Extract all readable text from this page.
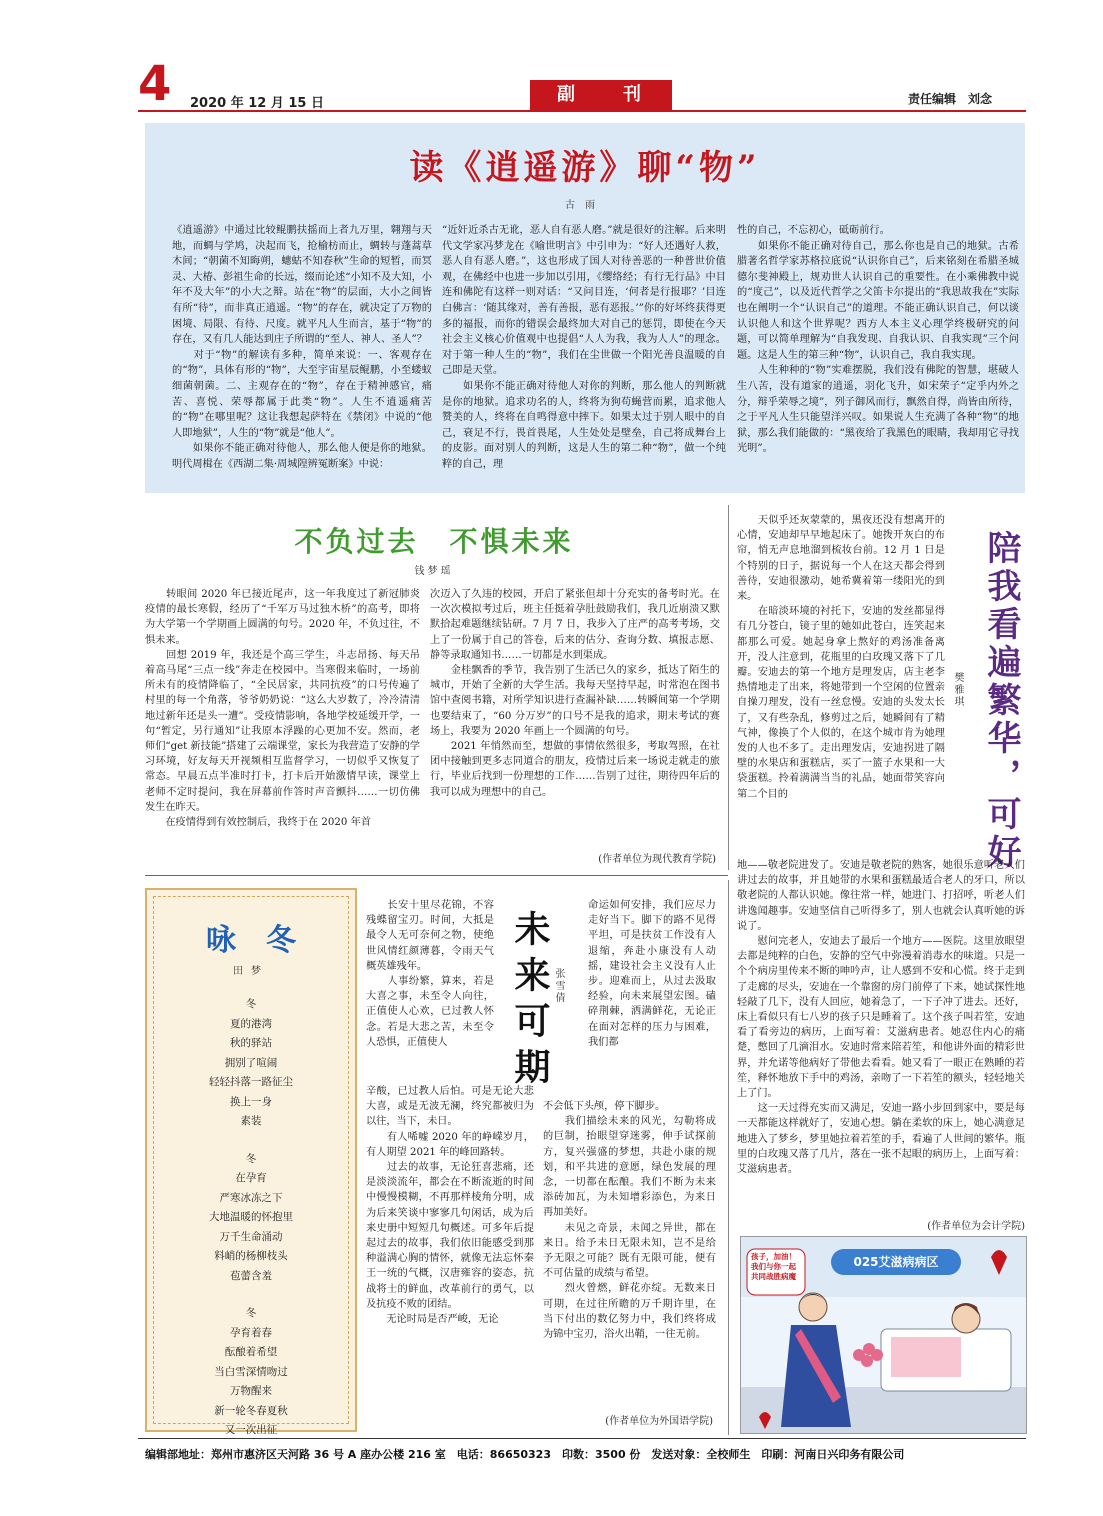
4 2020 年 12 月 15 日	副　　刊	责任编辑　刘念
读《逍遥游》聊“物”
古雨
《逍遥游》中通过比较鲲鹏扶摇而上者九万里，翱翔与天地，而蜩与学鸠，决起而飞，抢榆枋而止，蜩转与蓬蒿草木间；“朝菌不知晦朔，蟪蛄不知春秋”生命的短暂，而冥灵、大椿、彭祖生命的长远，缀而论述“小知不及大知，小年不及大年”的小大之辩。站在“物”的层面，大小之间皆有所“待”，而非真正逍遥。“物”的存在，就决定了万物的困境、局限、有待、尺度。就平凡人生而言，基于“物”的存在，又有几人能达到庄子所谓的“至人、神人、圣人”？
　　对于“物”的解读有多种，简单来说：一、客观存在的“物”，具体有形的“物”，大至宇宙星辰鲲鹏，小至蝼蚁细菌朝菌。二、主观存在的“物”，存在于精神感官，痛苦、喜悦、荣辱都属于此类“物”。人生不逍遥痛苦的“物”在哪里呢？这让我想起萨特在《禁闭》中说的“他人即地狱”，人生的“物”就是“他人”。
　　如果你不能正确对待他人，那么他人便是你的地狱。明代周楫在《西湖二集·周城隍辨冤断案》中说：
“近奸近杀古无讹，恶人自有恶人磨。”就是很好的注解。后来明代文学家冯梦龙在《喻世明言》中引申为：“好人还遇好人救，恶人自有恶人磨。”，这也形成了国人对待善恶的一种普世价值观，在佛经中也进一步加以引用，《缨络经；有行无行品》中目连和佛陀有这样一则对话：“又问目连，‘何者是行报耶？’目连白佛言：‘随其缘对，善有善报，恶有恶报。’”你的好坏终获得更多的福报，而你的错误会最终加大对自己的惩罚，即使在今天社会主义核心价值观中也提倡“人人为我，我为人人”的理念。对于第一种人生的“物”，我们在尘世做一个阳光善良温暖的自己即是天堂。
　　如果你不能正确对待他人对你的判断，那么他人的判断就是你的地狱。追求功名的人，终将为狗苟蝇营而累，追求他人赞美的人，终将在自鸣得意中摔下。如果太过于别人眼中的自己，衰足不行，畏首畏尾，人生处处是壁垒，自己将成舞台上的皮影。面对别人的判断，这是人生的第二种“物”，做一个纯粹的自己，理
性的自己，不忘初心，砥砺前行。
　　如果你不能正确对待自己，那么你也是自己的地狱。古希腊著名哲学家苏格拉底说“认识你自己”，后来铭刻在希腊圣城德尔斐神殿上，规劝世人认识自己的重要性。在小乘佛教中说的“度己”，以及近代哲学之父笛卡尔提出的“我思故我在”实际也在阐明一个“认识自己”的道理。不能正确认识自己，何以谈认识他人和这个世界呢？西方人本主义心理学终极研究的问题，可以简单理解为“自我发现、自我认识、自我实现”三个问题。这是人生的第三种“物”，认识自己，我自我实现。
　　人生种种的“物”实难摆脱，我们没有佛陀的智慧，堪破人生八苦，没有道家的逍遥，羽化飞升，如宋荣子“定乎内外之分，辩乎荣辱之境”，列子御风而行，飘然自得，尚皆由所待，之于平凡人生只能望洋兴叹。如果说人生充满了各种“物”的地狱，那么我们能做的：“黑夜给了我黑色的眼睛，我却用它寻找光明”。
不负过去　不惧未来
钱梦瑶
　　转眼间 2020 年已接近尾声，这一年我度过了新冠肺炎疫情的最长寒假，经历了“千军万马过独木桥”的高考，即将为大学第一个学期画上圆满的句号。2020 年，不负过往，不惧未来。
　　回想 2019 年，我还是个高三学生，斗志昂扬、每天吊着高马尾“三点一线”奔走在校园中。当寒假来临时，一场前所未有的疫情降临了，“全民居家，共同抗疫”的口号传遍了村里的每一个角落，爷爷奶奶说：“这么大岁数了，冷冷清清地过新年还是头一遭”。受疫情影响，各地学校延缓开学，一句“暂定，另行通知”让我原本浮躁的心更加不安。然而，老师们“get 新技能”搭建了云端课堂，家长为我营造了安静的学习环境，好友每天开视频相互监督学习，一切似乎又恢复了常态。早晨五点半准时打卡，打卡后开始激情早读，课堂上老师不定时提问，我在屏幕前作答时声音颤抖……一切仿佛发生在昨天。
　　在疫情得到有效控制后，我终于在 2020 年首
次迈入了久违的校园，开启了紧张但却十分充实的备考时光。在一次次模拟考过后，班主任挺着孕肚鼓励我们，我几近崩溃又默默拾起难题继续钻研。7 月 7 日，我步入了庄严的高考考场，交上了一份属于自己的答卷，后来的估分、查询分数、填报志愿、静等录取通知书……一切都是水到渠成。
　　金桂飘香的季节，我告别了生活已久的家乡，抵达了陌生的城市，开始了全新的大学生活。我每天坚持早起，时常泡在图书馆中查阅书籍，对所学知识进行查漏补缺……转瞬间第一个学期也要结束了，“60 分万岁”的口号不是我的追求，期末考试的赛场上，我要为 2020 年画上一个圆满的句号。
　　2021 年悄然而至，想做的事情依然很多，考取驾照，在社团中接触到更多志同道合的朋友，疫情过后来一场说走就走的旅行，毕业后找到一份理想的工作……告别了过往，期待四年后的我可以成为理想中的自己。
(作者单位为现代教育学院)
　　天似乎还灰蒙蒙的，黑夜还没有想离开的心情，安迪却早早地起床了。她拨开灰白的布帘，悄无声息地溜到梳妆台前。12 月 1 日是个特别的日子，据说每一个人在这天都会得到善待，安迪很激动，她希冀着第一缕阳光的到来。
　　在暗淡环境的衬托下，安迪的发丝都显得有几分苍白，镜子里的她如此苍白，连笑起来都那么可爱。她起身拿上熬好的鸡汤准备离开，没人注意到，花瓶里的白玫瑰又落下了几瓣。安迪去的第一个地方是理发店，店主老李热情地走了出来，将她带到一个空闲的位置亲自操刀理发，没有一丝怠慢。安迪的头发太长了，又有些杂乱，修剪过之后，她瞬间有了精气神，像换了个人似的，在这个城市肯为她理发的人也不多了。走出理发店，安迪拐进了隔壁的水果店和蛋糕店，买了一篮子水果和一大袋蛋糕。拎着满满当当的礼品，她面带笑容向第二个目的	陪我看遍繁华，可好
樊雅琪
地——敬老院进发了。安迪是敬老院的熟客，她很乐意听老人们讲过去的故事，并且她带的水果和蛋糕最适合老人的牙口，所以敬老院的人都认识她。像往常一样，她进门、打招呼，听老人们讲逸闻趣事。安迪坚信自己听得多了，别人也就会认真听她的诉说了。
　　慰问完老人，安迪去了最后一个地方——医院。这里放眼望去都是纯粹的白色，安静的空气中弥漫着消毒水的味道。只是一个个病房里传来不断的呻吟声，让人感到不安和心慌。终于走到了走廊的尽头，安迪在一个靠窗的房门前停了下来，她试探性地轻敲了几下，没有人回应，她着急了，一下子冲了进去。还好，床上看似只有七八岁的孩子只是睡着了。这个孩子叫若笙，安迪看了看旁边的病历，上面写着：艾滋病患者。她忍住内心的痛楚，憋回了几滴泪水。安迪时常来陪若笙，和他讲外面的精彩世界，并允诺等他病好了带他去看看。她又看了一眼正在熟睡的若笙，释怀地放下手中的鸡汤，亲吻了一下若笙的额头，轻轻地关上了门。
　　这一天过得充实而又满足，安迪一路小步回到家中，要是每一天都能这样就好了，安迪心想。躺在柔软的床上，她心满意足地进入了梦乡，梦里她拉着若笙的手，看遍了人世间的繁华。瓶里的白玫瑰又落了几片，落在一张不起眼的病历上，上面写着：艾滋病患者。
(作者单位为会计学院)
025艾滋病病区
孩子，加油！我们与你一起共同战胜病魔
咏　冬
田梦
冬
夏的港湾
秋的驿站
拥别了喧闹
轻轻抖落一路征尘
换上一身
素装
冬
在孕育
严寒冰冻之下
大地温暖的怀抱里
万千生命涌动
料峭的杨柳枝头
苞蕾含羞
冬
孕育着春
酝酿着希望
当白雪深情吻过
万物醒来
新一轮冬春夏秋
又一次出征
　　长安十里尽花锦，不容残蝶留宝刃。时间，大抵是最令人无可奈何之物，使绝世风情红颜薄暮，令雨天气概英雄残年。
　　人事纷繁，算来，若是大喜之事，未至令人向往，正值使人心欢，已过教人怀念。若是大悲之苦，未至令人恐惧，正值使人
辛酸，已过教人后怕。可是无论大悲大喜，或是无波无澜，终究都被归为以往，当下，未日。
　　有人唏嘘 2020 年的峥嵘岁月，有人期望 2021 年的峰回路转。
　　过去的故事，无论狂喜悲痛，还是淡淡流年，都会在不断流逝的时间中慢慢模糊，不再那样棱角分明，成为后来笑谈中寥寥几句闲话，成为后来史册中短短几句概述。可多年后提起过去的故事，我们依旧能感受到那种溢满心胸的情怀，就像无法忘怀秦王一统的气概，汉唐雍容的姿态，抗战将士的鲜血，改革前行的勇气，以及抗疫不败的团结。
　　无论时局是否严峻，无论
未来可期 张雪倩
命运如何安排，我们应尽力走好当下。脚下的路不见得平坦，可是扶贫工作没有人退缩，奔赴小康没有人动摇，建设社会主义没有人止步。迎难而上，从过去汲取经验，向未来展望宏图。磕碎荆棘，洒满鲜花，无论正在面对怎样的压力与困难，我们都
不会低下头颅，停下脚步。
　　我们描绘未来的风光，勾勒将成的巨制，抬眼望穿迷雾，伸手试探前方，复兴强盛的梦想，共赴小康的规划，和平共进的意愿，绿色发展的理念，一切都在酝酿。我们不断为未来添砖加瓦，为未知增彩添色，为来日再加美好。
　　未见之奇景，未闻之异世，都在来日。给予未日无限未知，岂不是给予无限之可能？既有无限可能，便有不可估量的成绩与希望。
　　烈火曾燃，鲜花亦绽。无数来日可期，在过往所瞻的万千期许里，在当下付出的数亿努力中，我们终将成为锦中宝刃，浴火出鞘，一往无前。
(作者单位为外国语学院)
编辑部地址：郑州市惠济区天河路 36 号 A 座办公楼 216 室　电话：86650323　印数：3500 份　发送对象：全校师生　印刷：河南日兴印务有限公司
